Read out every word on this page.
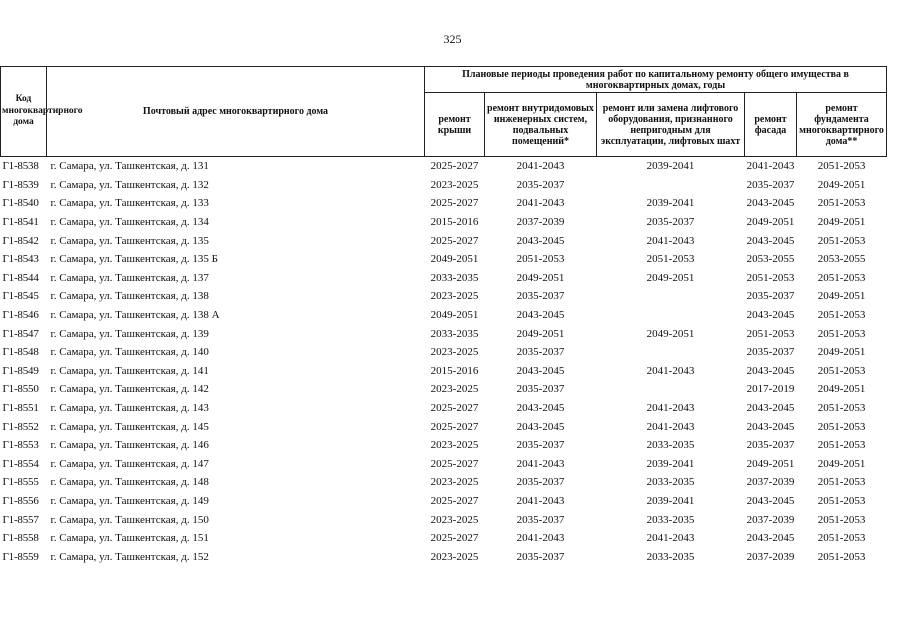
325
Код многоквартирного дома	Почтовый адрес многоквартирного дома	Плановые периоды проведения работ по капитальному ремонту общего имущества в многоквартирных домах, годы				
		ремонт крыши	ремонт внутридомовых инженерных систем, подвальных помещений*	ремонт или замена лифтового оборудования, признанного непригодным для эксплуатации, лифтовых шахт	ремонт фасада	ремонт фундамента многоквартирного дома**
Г1-8538	г. Самара, ул. Ташкентская, д. 131	2025-2027	2041-2043	2039-2041	2041-2043	2051-2053
Г1-8539	г. Самара, ул. Ташкентская, д. 132	2023-2025	2035-2037		2035-2037	2049-2051
Г1-8540	г. Самара, ул. Ташкентская, д. 133	2025-2027	2041-2043	2039-2041	2043-2045	2051-2053
Г1-8541	г. Самара, ул. Ташкентская, д. 134	2015-2016	2037-2039	2035-2037	2049-2051	2049-2051
Г1-8542	г. Самара, ул. Ташкентская, д. 135	2025-2027	2043-2045	2041-2043	2043-2045	2051-2053
Г1-8543	г. Самара, ул. Ташкентская, д. 135 Б	2049-2051	2051-2053	2051-2053	2053-2055	2053-2055
Г1-8544	г. Самара, ул. Ташкентская, д. 137	2033-2035	2049-2051	2049-2051	2051-2053	2051-2053
Г1-8545	г. Самара, ул. Ташкентская, д. 138	2023-2025	2035-2037		2035-2037	2049-2051
Г1-8546	г. Самара, ул. Ташкентская, д. 138 А	2049-2051	2043-2045		2043-2045	2051-2053
Г1-8547	г. Самара, ул. Ташкентская, д. 139	2033-2035	2049-2051	2049-2051	2051-2053	2051-2053
Г1-8548	г. Самара, ул. Ташкентская, д. 140	2023-2025	2035-2037		2035-2037	2049-2051
Г1-8549	г. Самара, ул. Ташкентская, д. 141	2015-2016	2043-2045	2041-2043	2043-2045	2051-2053
Г1-8550	г. Самара, ул. Ташкентская, д. 142	2023-2025	2035-2037		2017-2019	2049-2051
Г1-8551	г. Самара, ул. Ташкентская, д. 143	2025-2027	2043-2045	2041-2043	2043-2045	2051-2053
Г1-8552	г. Самара, ул. Ташкентская, д. 145	2025-2027	2043-2045	2041-2043	2043-2045	2051-2053
Г1-8553	г. Самара, ул. Ташкентская, д. 146	2023-2025	2035-2037	2033-2035	2035-2037	2051-2053
Г1-8554	г. Самара, ул. Ташкентская, д. 147	2025-2027	2041-2043	2039-2041	2049-2051	2049-2051
Г1-8555	г. Самара, ул. Ташкентская, д. 148	2023-2025	2035-2037	2033-2035	2037-2039	2051-2053
Г1-8556	г. Самара, ул. Ташкентская, д. 149	2025-2027	2041-2043	2039-2041	2043-2045	2051-2053
Г1-8557	г. Самара, ул. Ташкентская, д. 150	2023-2025	2035-2037	2033-2035	2037-2039	2051-2053
Г1-8558	г. Самара, ул. Ташкентская, д. 151	2025-2027	2041-2043	2041-2043	2043-2045	2051-2053
Г1-8559	г. Самара, ул. Ташкентская, д. 152	2023-2025	2035-2037	2033-2035	2037-2039	2051-2053
